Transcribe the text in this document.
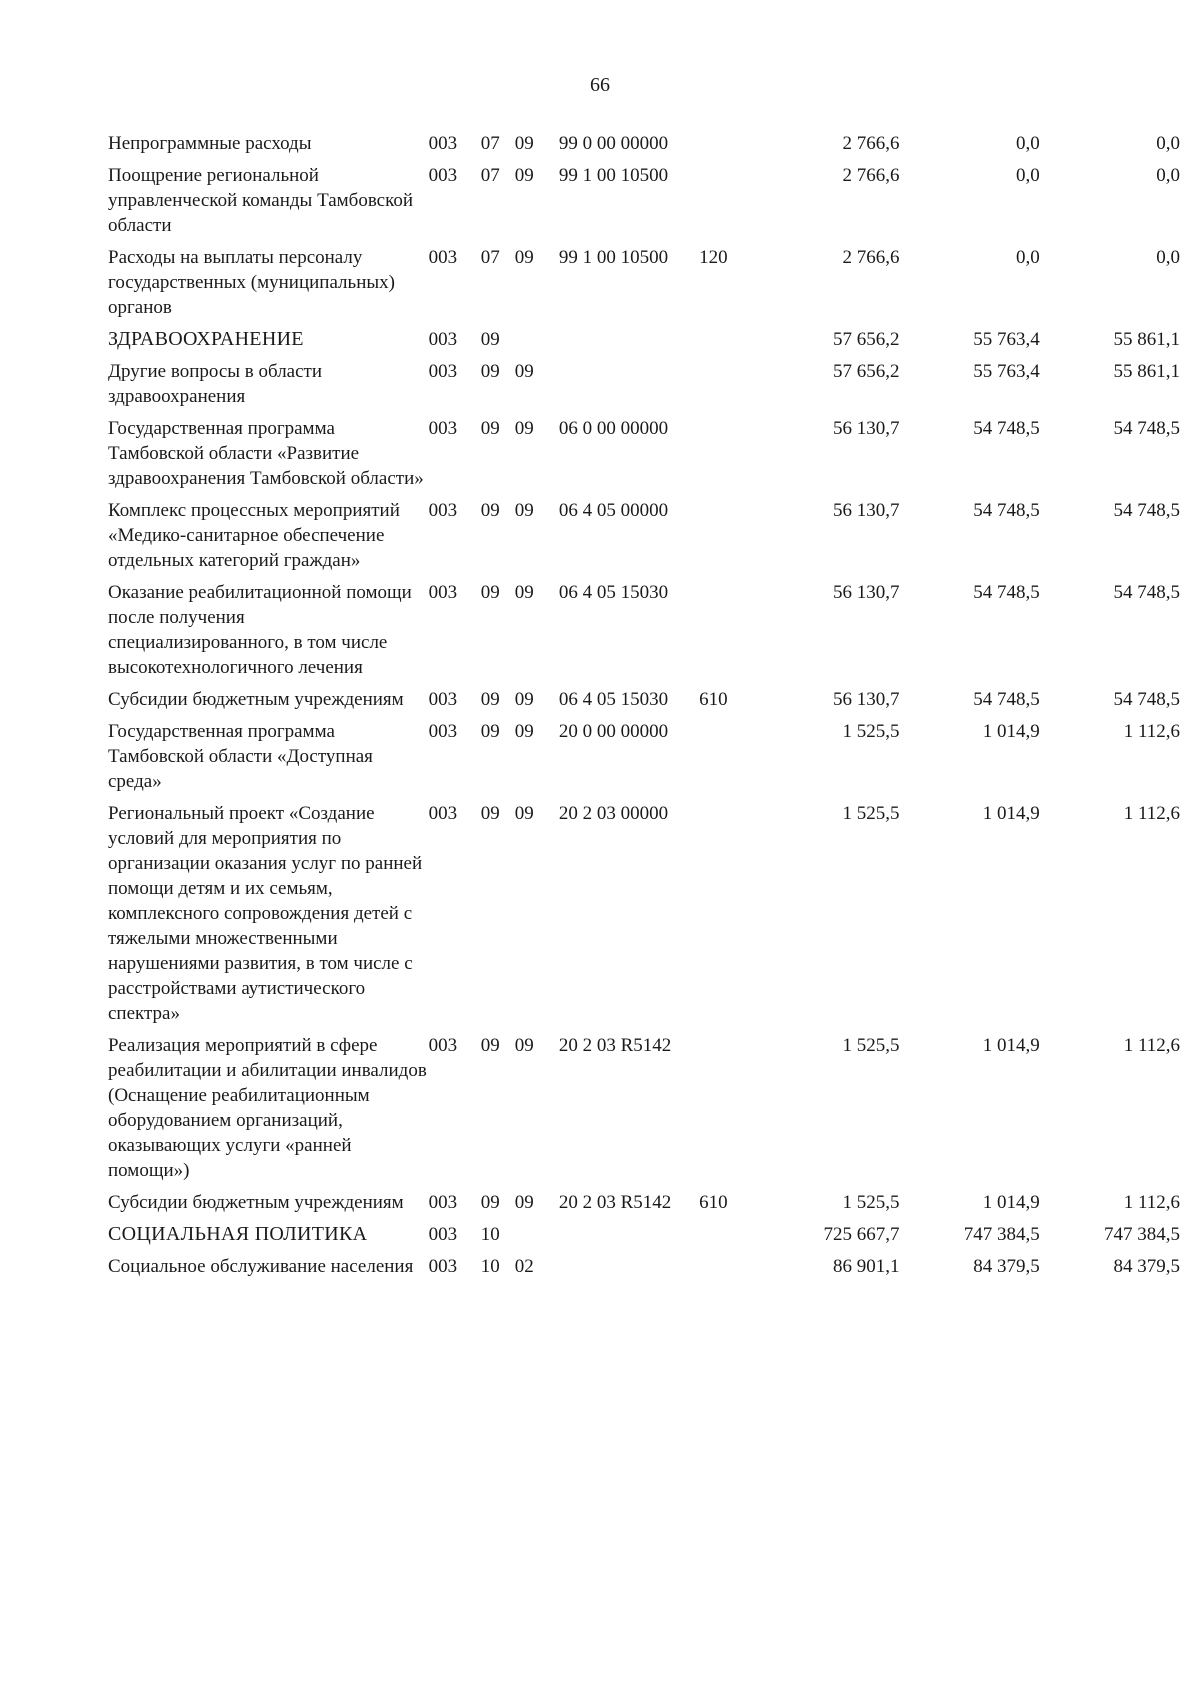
66
Непрограммные расходы	003	07	09	99 0 00 00000		2 766,6	0,0	0,0
Поощрение региональной управленческой команды Тамбовской области	003	07	09	99 1 00 10500		2 766,6	0,0	0,0
Расходы на выплаты персоналу государственных (муниципальных) органов	003	07	09	99 1 00 10500	120	2 766,6	0,0	0,0
ЗДРАВООХРАНЕНИЕ	003	09				57 656,2	55 763,4	55 861,1
Другие вопросы в области здравоохранения	003	09	09			57 656,2	55 763,4	55 861,1
Государственная программа Тамбовской области «Развитие здравоохранения Тамбовской области»	003	09	09	06 0 00 00000		56 130,7	54 748,5	54 748,5
Комплекс процессных мероприятий «Медико-санитарное обеспечение отдельных категорий граждан»	003	09	09	06 4 05 00000		56 130,7	54 748,5	54 748,5
Оказание реабилитационной помощи после получения специализированного, в том числе высокотехнологичного лечения	003	09	09	06 4 05 15030		56 130,7	54 748,5	54 748,5
Субсидии бюджетным учреждениям	003	09	09	06 4 05 15030	610	56 130,7	54 748,5	54 748,5
Государственная программа Тамбовской области «Доступная среда»	003	09	09	20 0 00 00000		1 525,5	1 014,9	1 112,6
Региональный проект «Создание условий для мероприятия по организации оказания услуг по ранней помощи детям и их семьям, комплексного сопровождения детей с тяжелыми множественными нарушениями развития, в том числе с расстройствами аутистического спектра»	003	09	09	20 2 03 00000		1 525,5	1 014,9	1 112,6
Реализация мероприятий в сфере реабилитации и абилитации инвалидов (Оснащение реабилитационным оборудованием организаций, оказывающих услуги «ранней помощи»)	003	09	09	20 2 03 R5142		1 525,5	1 014,9	1 112,6
Субсидии бюджетным учреждениям	003	09	09	20 2 03 R5142	610	1 525,5	1 014,9	1 112,6
СОЦИАЛЬНАЯ ПОЛИТИКА	003	10				725 667,7	747 384,5	747 384,5
Социальное обслуживание населения	003	10	02			86 901,1	84 379,5	84 379,5
